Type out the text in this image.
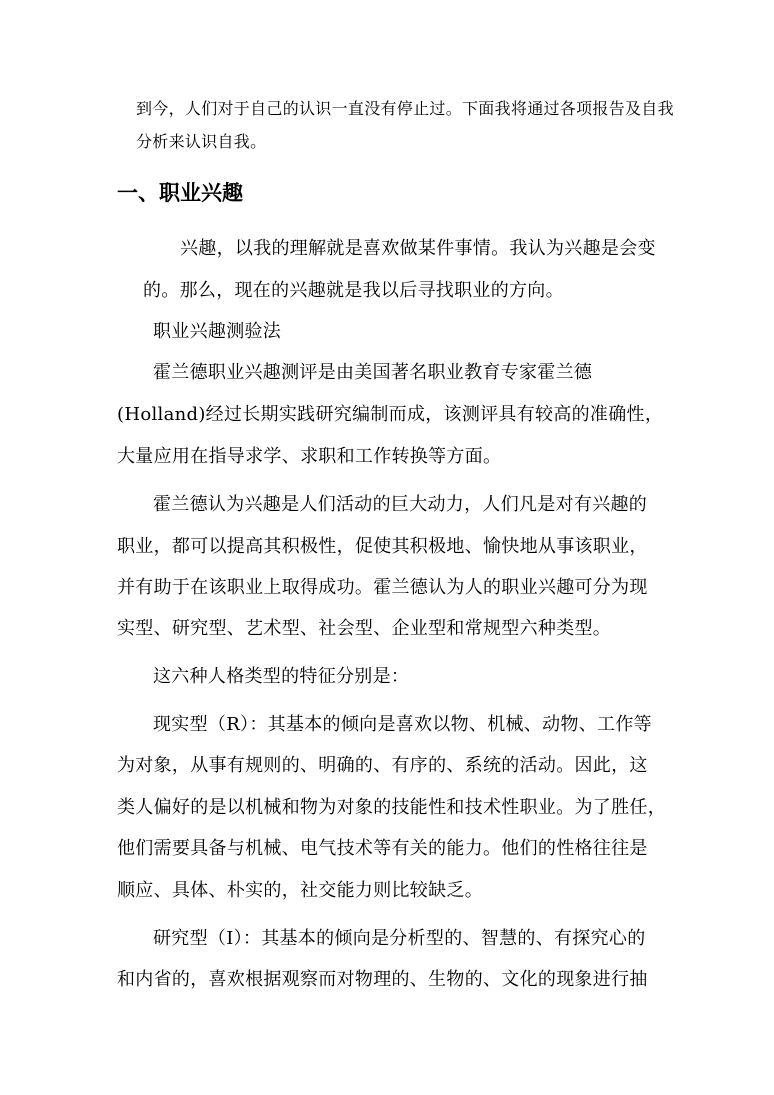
到今，人们对于自己的认识一直没有停止过。下面我将通过各项报告及自我
分析来认识自我。
一、职业兴趣
兴趣，以我的理解就是喜欢做某件事情。我认为兴趣是会变
的。那么，现在的兴趣就是我以后寻找职业的方向。
职业兴趣测验法
霍兰德职业兴趣测评是由美国著名职业教育专家霍兰德
(Holland)经过长期实践研究编制而成，该测评具有较高的准确性，
大量应用在指导求学、求职和工作转换等方面。
霍兰德认为兴趣是人们活动的巨大动力，人们凡是对有兴趣的
职业，都可以提高其积极性，促使其积极地、愉快地从事该职业，
并有助于在该职业上取得成功。霍兰德认为人的职业兴趣可分为现
实型、研究型、艺术型、社会型、企业型和常规型六种类型。
这六种人格类型的特征分别是：
现实型（R）：其基本的倾向是喜欢以物、机械、动物、工作等
为对象，从事有规则的、明确的、有序的、系统的活动。因此，这
类人偏好的是以机械和物为对象的技能性和技术性职业。为了胜任，
他们需要具备与机械、电气技术等有关的能力。他们的性格往往是
顺应、具体、朴实的，社交能力则比较缺乏。
研究型（I）：其基本的倾向是分析型的、智慧的、有探究心的
和内省的，喜欢根据观察而对物理的、生物的、文化的现象进行抽
